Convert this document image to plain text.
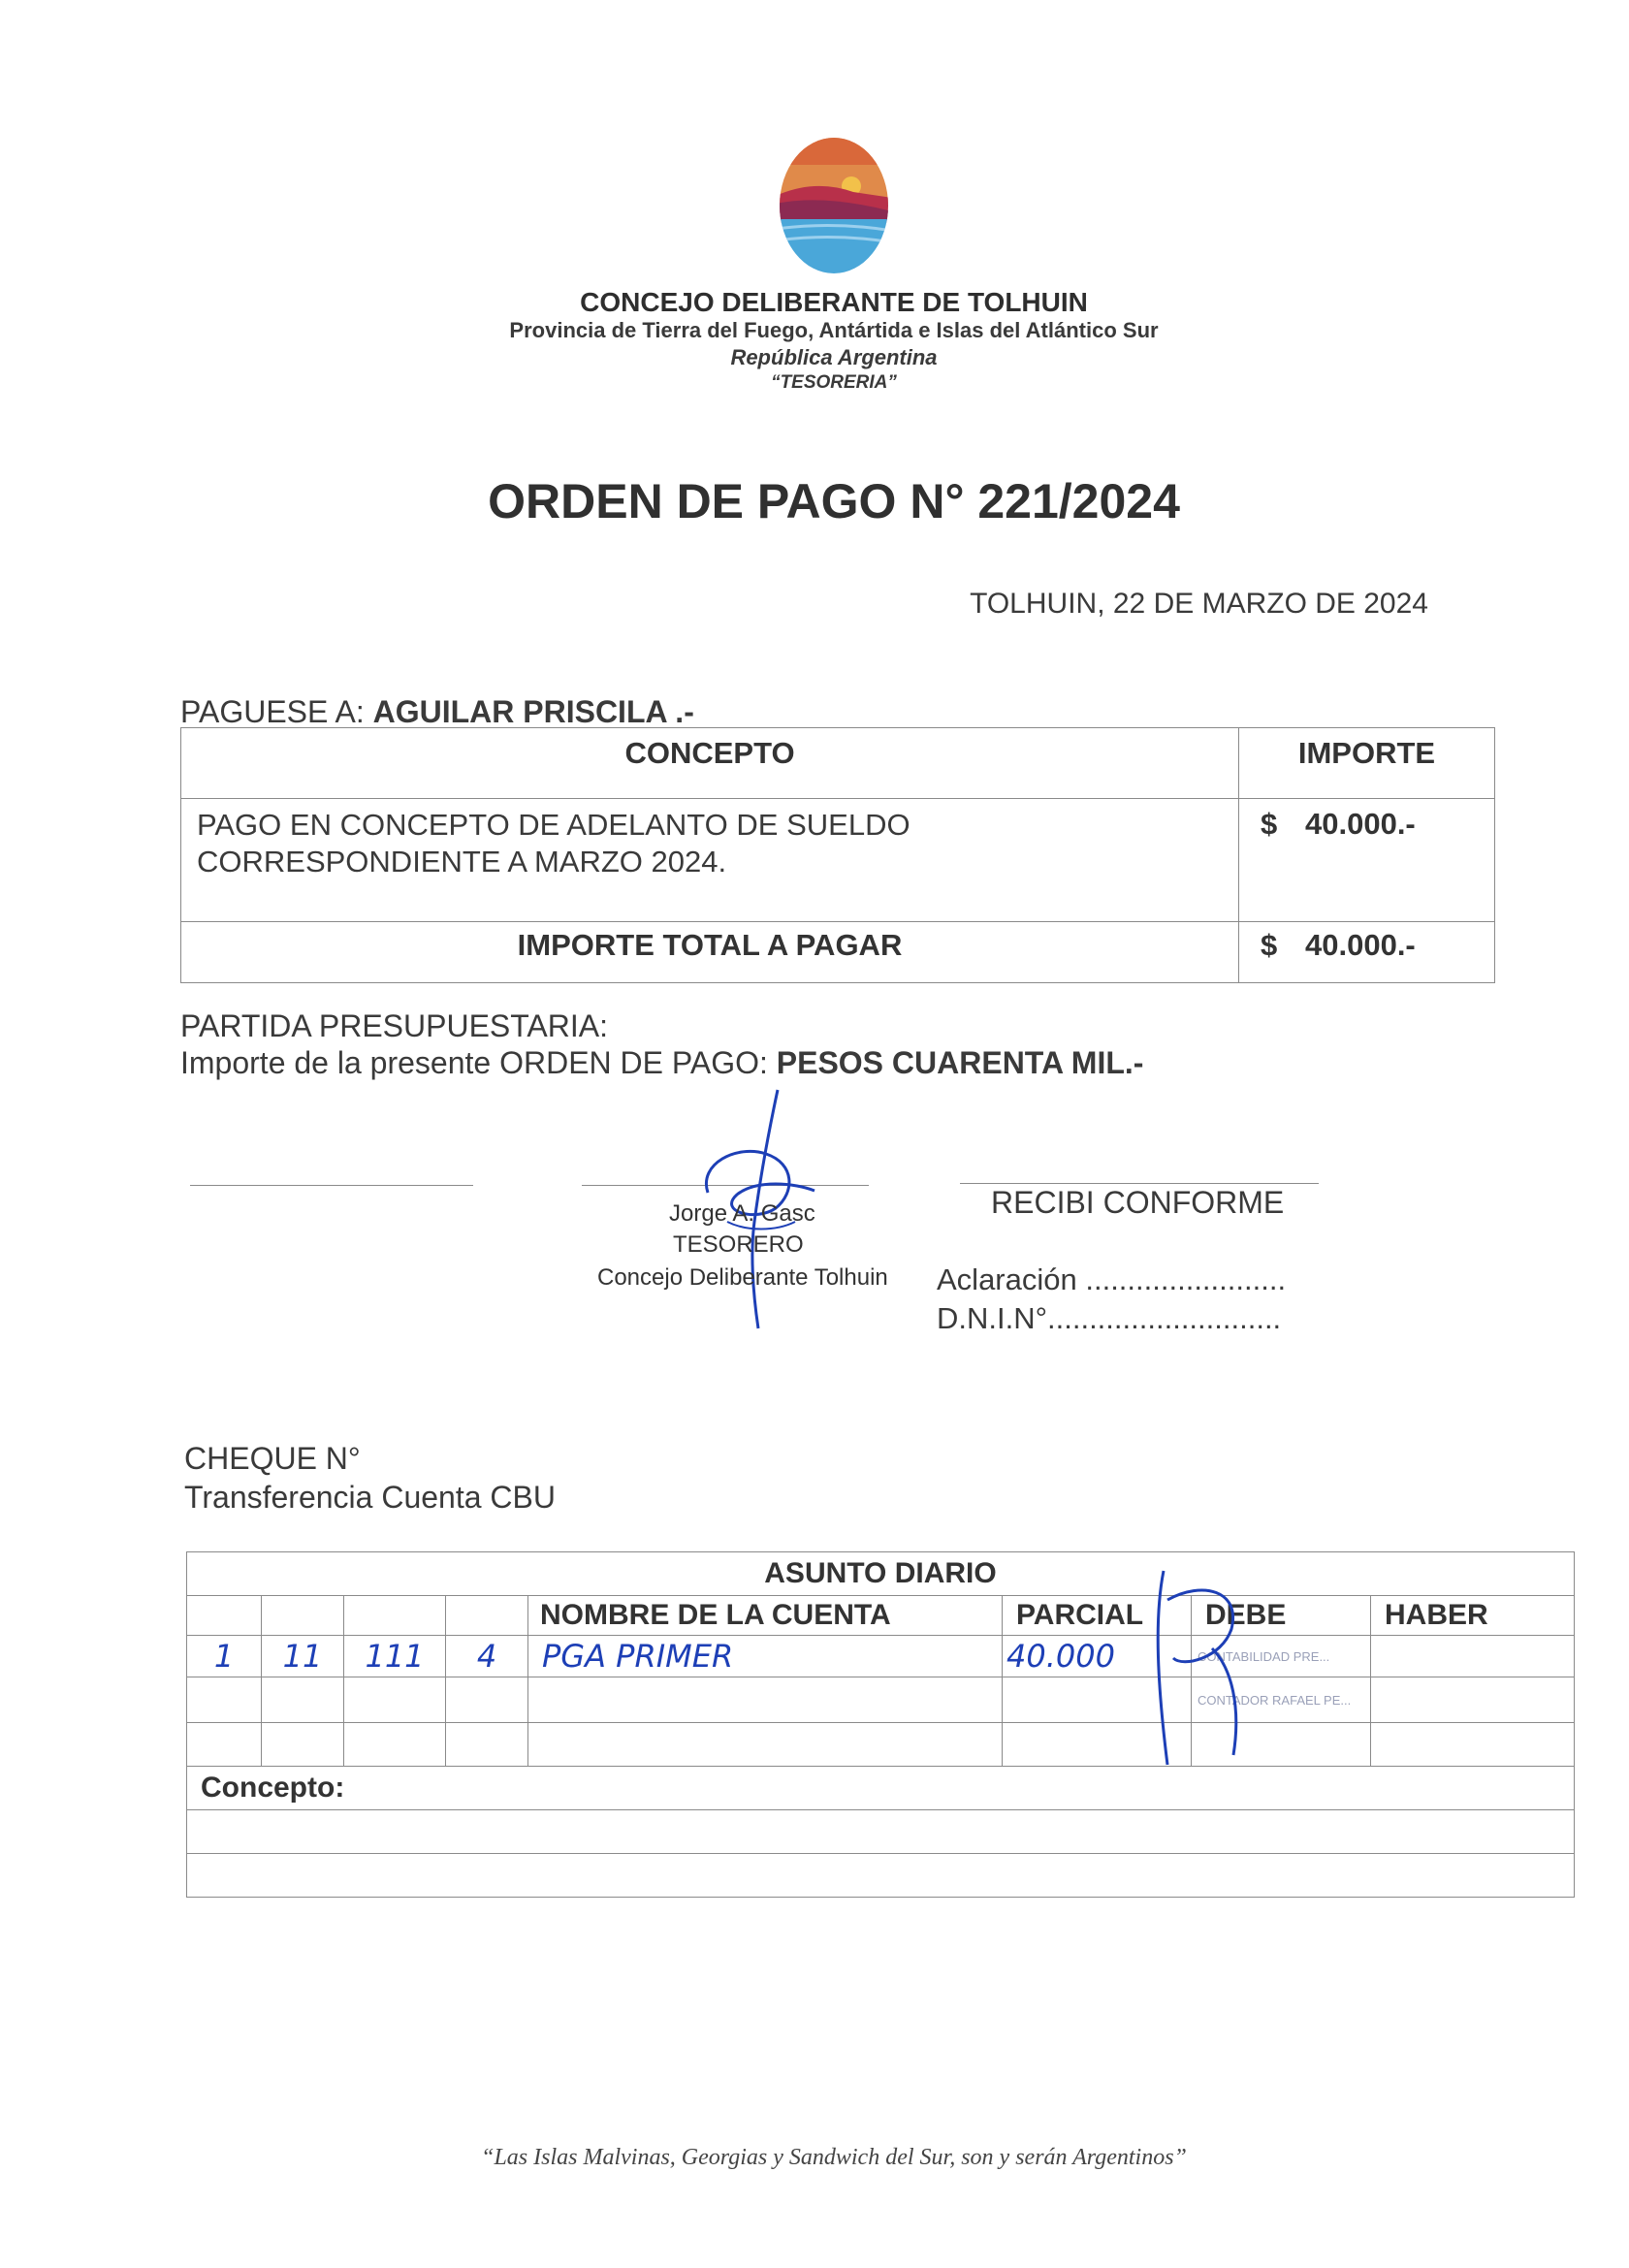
CONCEJO DELIBERANTE DE TOLHUIN
Provincia de Tierra del Fuego, Antártida e Islas del Atlántico Sur
República Argentina
“TESORERIA”
ORDEN DE PAGO N° 221/2024
TOLHUIN, 22 DE MARZO DE 2024
PAGUESE A: AGUILAR PRISCILA .-
CONCEPTO	IMPORTE

PAGO EN CONCEPTO DE ADELANTO DE SUELDO
CORRESPONDIENTE A MARZO 2024.	$ 40.000.-
IMPORTE TOTAL A PAGAR	$ 40.000.-
PARTIDA PRESUPUESTARIA:
Importe de la presente ORDEN DE PAGO: PESOS CUARENTA MIL.-
Jorge A. Gasc
TESORERO
Concejo Deliberante Tolhuin
RECIBI CONFORME
Aclaración ........................
D.N.I.N°............................
CHEQUE N°
Transferencia Cuenta CBU
ASUNTO DIARIO							
				NOMBRE DE LA CUENTA	PARCIAL	DEBE	HABER
1	11	111	4	PGA PRIMER	40.000	CONTABILIDAD PRE...	
						CONTADOR RAFAEL PE...	

Concepto:							

“Las Islas Malvinas, Georgias y Sandwich del Sur, son y serán Argentinos”
